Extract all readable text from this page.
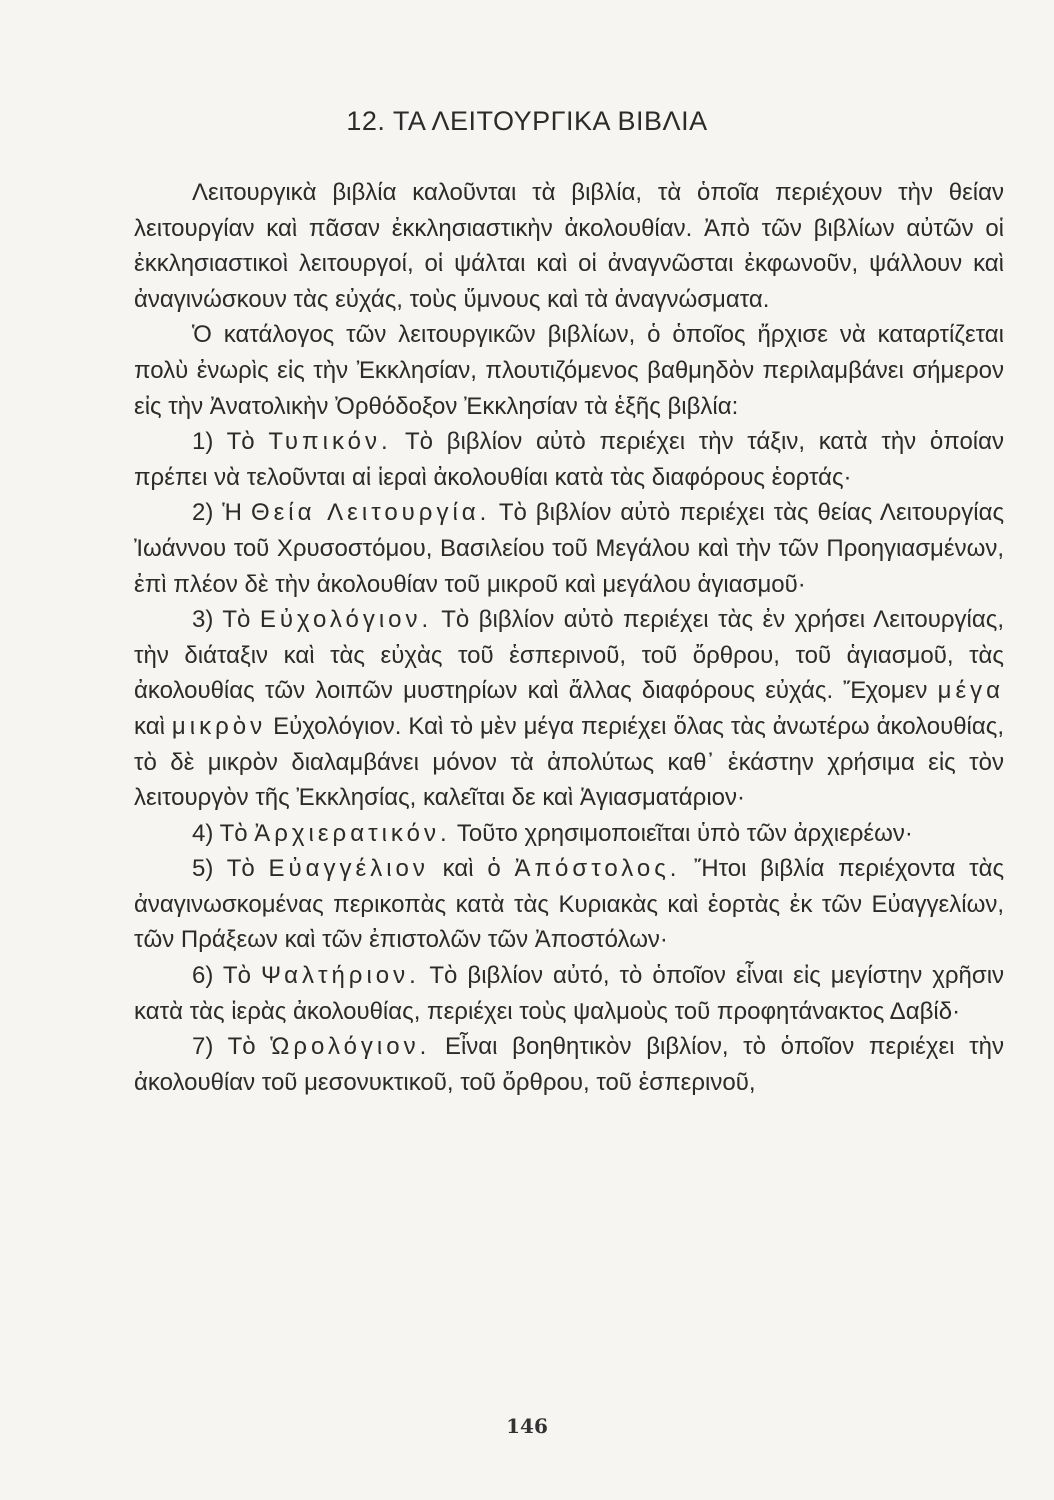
12. ΤΑ ΛΕΙΤΟΥΡΓΙΚΑ ΒΙΒΛΙΑ

Λειτουργικὰ βιβλία καλοῦνται τὰ βιβλία, τὰ ὁποῖα περιέχουν τὴν θείαν λειτουργίαν καὶ πᾶσαν ἐκκλησιαστικὴν ἀκολουθίαν. Ἀπὸ τῶν βιβλίων αὐτῶν οἱ ἐκκλησιαστικοὶ λειτουργοί, οἱ ψάλται καὶ οἱ ἀναγνῶσται ἐκφωνοῦν, ψάλλουν καὶ ἀναγινώσκουν τὰς εὐχάς, τοὺς ὕμνους καὶ τὰ ἀναγνώσματα.

Ὁ κατάλογος τῶν λειτουργικῶν βιβλίων, ὁ ὁποῖος ἤρχισε νὰ καταρτίζεται πολὺ ἐνωρὶς εἰς τὴν Ἐκκλησίαν, πλουτιζόμενος βαθμηδὸν περιλαμβάνει σήμερον εἰς τὴν Ἀνατολικὴν Ὀρθόδοξον Ἐκκλησίαν τὰ ἑξῆς βιβλία:

1) Τὸ Τυπικόν. Τὸ βιβλίον αὐτὸ περιέχει τὴν τάξιν, κατὰ τὴν ὁποίαν πρέπει νὰ τελοῦνται αἱ ἱεραὶ ἀκολουθίαι κατὰ τὰς διαφόρους ἑορτάς·

2) Ἡ Θεία Λειτουργία. Τὸ βιβλίον αὐτὸ περιέχει τὰς θείας Λειτουργίας Ἰωάννου τοῦ Χρυσοστόμου, Βασιλείου τοῦ Μεγάλου καὶ τὴν τῶν Προηγιασμένων, ἐπὶ πλέον δὲ τὴν ἀκολουθίαν τοῦ μικροῦ καὶ μεγάλου ἁγιασμοῦ·

3) Τὸ Εὐχολόγιον. Τὸ βιβλίον αὐτὸ περιέχει τὰς ἐν χρήσει Λειτουργίας, τὴν διάταξιν καὶ τὰς εὐχὰς τοῦ ἑσπερινοῦ, τοῦ ὄρθρου, τοῦ ἁγιασμοῦ, τὰς ἀκολουθίας τῶν λοιπῶν μυστηρίων καὶ ἄλλας διαφόρους εὐχάς. Ἔχομεν μέγα καὶ μικρὸν Εὐχολόγιον. Καὶ τὸ μὲν μέγα περιέχει ὅλας τὰς ἀνωτέρω ἀκολουθίας, τὸ δὲ μικρὸν διαλαμβάνει μόνον τὰ ἀπολύτως καθ᾽ ἑκάστην χρήσιμα εἰς τὸν λειτουργὸν τῆς Ἐκκλησίας, καλεῖται δε καὶ Ἁγιασματάριον·

4) Τὸ Ἀρχιερατικόν. Τοῦτο χρησιμοποιεῖται ὑπὸ τῶν ἀρχιερέων·

5) Τὸ Εὐαγγέλιον καὶ ὁ Ἀπόστολος. Ἤτοι βιβλία περιέχοντα τὰς ἀναγινωσκομένας περικοπὰς κατὰ τὰς Κυριακὰς καὶ ἑορτὰς ἐκ τῶν Εὐαγγελίων, τῶν Πράξεων καὶ τῶν ἐπιστολῶν τῶν Ἀποστόλων·

6) Τὸ Ψαλτήριον. Τὸ βιβλίον αὐτό, τὸ ὁποῖον εἶναι εἰς μεγίστην χρῆσιν κατὰ τὰς ἱερὰς ἀκολουθίας, περιέχει τοὺς ψαλμοὺς τοῦ προφητάνακτος Δαβίδ·

7) Τὸ Ὡρολόγιον. Εἶναι βοηθητικὸν βιβλίον, τὸ ὁποῖον περιέχει τὴν ἀκολουθίαν τοῦ μεσονυκτικοῦ, τοῦ ὄρθρου, τοῦ ἑσπερινοῦ,

146
